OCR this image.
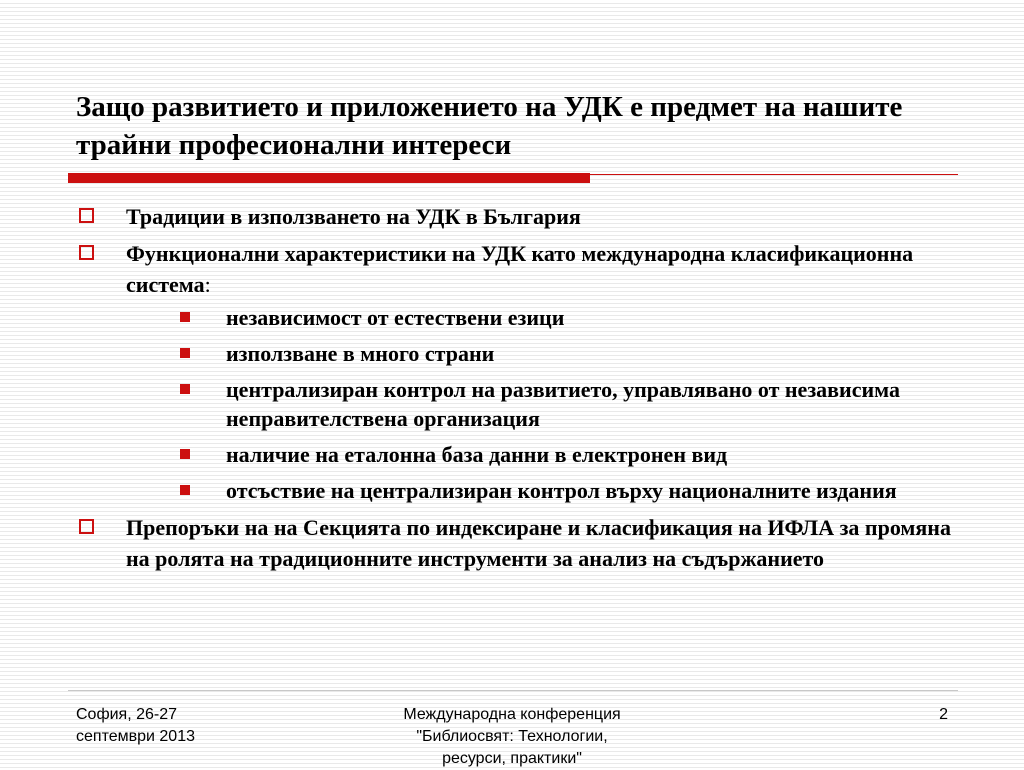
Защо развитието и приложението на УДК е предмет на нашите трайни професионални интереси
Традиции в използването на УДК в България
Функционални характеристики на УДК като международна класификационна система:
независимост от естествени езици
използване в много страни
централизиран контрол на развитието, управлявано от независима неправителствена организация
наличие на еталонна база данни в електронен вид
отсъствие на централизиран контрол върху националните издания
Препоръки на на Секцията по индексиране и класификация на ИФЛА за промяна на ролята на традиционните инструменти за анализ на съдържанието
София, 26-27
септември 2013
Международна конференция
"Библиосвят: Технологии,
ресурси, практики"
2
